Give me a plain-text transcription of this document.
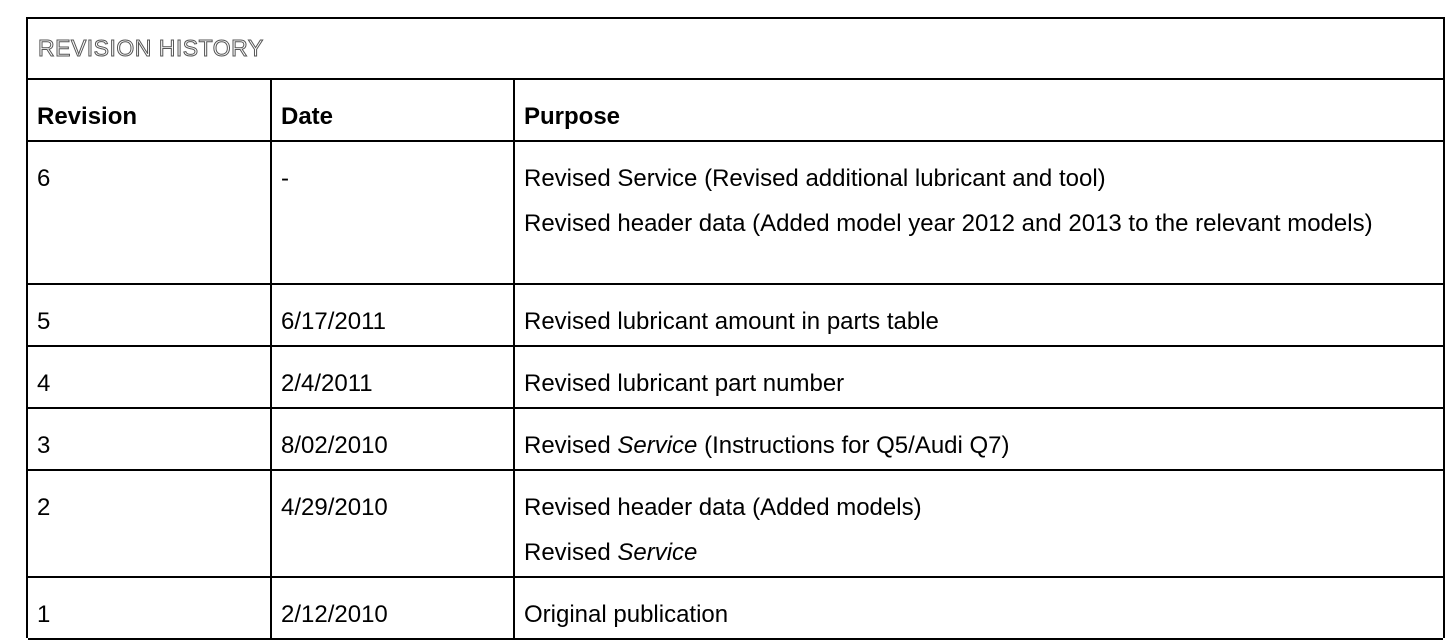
REVISION HISTORY
Revision	Date	Purpose
6	-	Revised Service (Revised additional lubricant and tool)
Revised header data (Added model year 2012 and 2013 to the relevant models)

5	6/17/2011	Revised lubricant amount in parts table

4	2/4/2011	Revised lubricant part number

3	8/02/2010	Revised Service (Instructions for Q5/Audi Q7)

2	4/29/2010	Revised header data (Added models)
Revised Service

1	2/12/2010	Original publication
